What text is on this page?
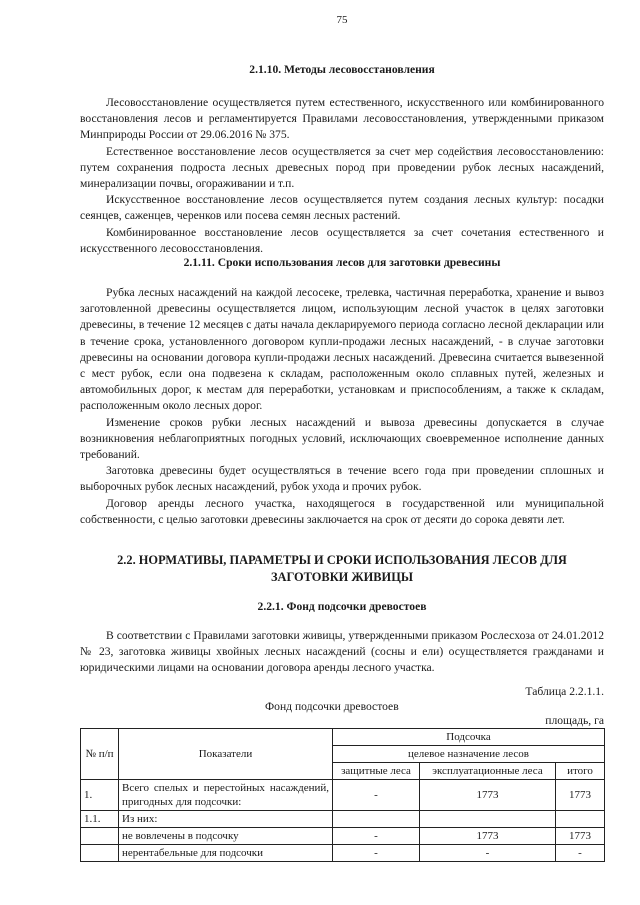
75
2.1.10. Методы лесовосстановления

Лесовосстановление осуществляется путем естественного, искусственного или комбинированного восстановления лесов и регламентируется Правилами лесовосстановления, утвержденными приказом Минприроды России от 29.06.2016 № 375.

Естественное восстановление лесов осуществляется за счет мер содействия лесовосстановлению: путем сохранения подроста лесных древесных пород при проведении рубок лесных насаждений, минерализации почвы, огораживании и т.п.

Искусственное восстановление лесов осуществляется путем создания лесных культур: посадки сеянцев, саженцев, черенков или посева семян лесных растений.

Комбинированное восстановление лесов осуществляется за счет сочетания естественного и искусственного лесовосстановления.

2.1.11. Сроки использования лесов для заготовки древесины

Рубка лесных насаждений на каждой лесосеке, трелевка, частичная переработка, хранение и вывоз заготовленной древесины осуществляется лицом, использующим лесной участок в целях заготовки древесины, в течение 12 месяцев с даты начала декларируемого периода согласно лесной декларации или в течение срока, установленного договором купли-продажи лесных насаждений, - в случае заготовки древесины на основании договора купли-продажи лесных насаждений. Древесина считается вывезенной с мест рубок, если она подвезена к складам, расположенным около сплавных путей, железных и автомобильных дорог, к местам для переработки, установкам и приспособлениям, а также к складам, расположенным около лесных дорог.

Изменение сроков рубки лесных насаждений и вывоза древесины допускается в случае возникновения неблагоприятных погодных условий, исключающих своевременное исполнение данных требований.

Заготовка древесины будет осуществляться в течение всего года при проведении сплошных и выборочных рубок лесных насаждений, рубок ухода и прочих рубок.

Договор аренды лесного участка, находящегося в государственной или муниципальной собственности, с целью заготовки древесины заключается на срок от десяти до сорока девяти лет.

2.2. НОРМАТИВЫ, ПАРАМЕТРЫ И СРОКИ ИСПОЛЬЗОВАНИЯ ЛЕСОВ ДЛЯ
ЗАГОТОВКИ ЖИВИЦЫ
2.2.1. Фонд подсочки древостоев

В соответствии с Правилами заготовки живицы, утвержденными приказом Рослесхоза от 24.01.2012 № 23, заготовка живицы хвойных лесных насаждений (сосны и ели) осуществляется гражданами и юридическими лицами на основании договора аренды лесного участка.

Таблица 2.2.1.1.
Фонд подсочки древостоев
площадь, га
№ п/п	Показатели	Подсочка		
		целевое назначение лесов		
		защитные леса	эксплуатационные леса	итого
1.	Всего спелых и перестойных насаждений, пригодных для подсочки:	-	1773	1773
1.1.	Из них:			
	не вовлечены в подсочку	-	1773	1773
	нерентабельные для подсочки	-	-	-
